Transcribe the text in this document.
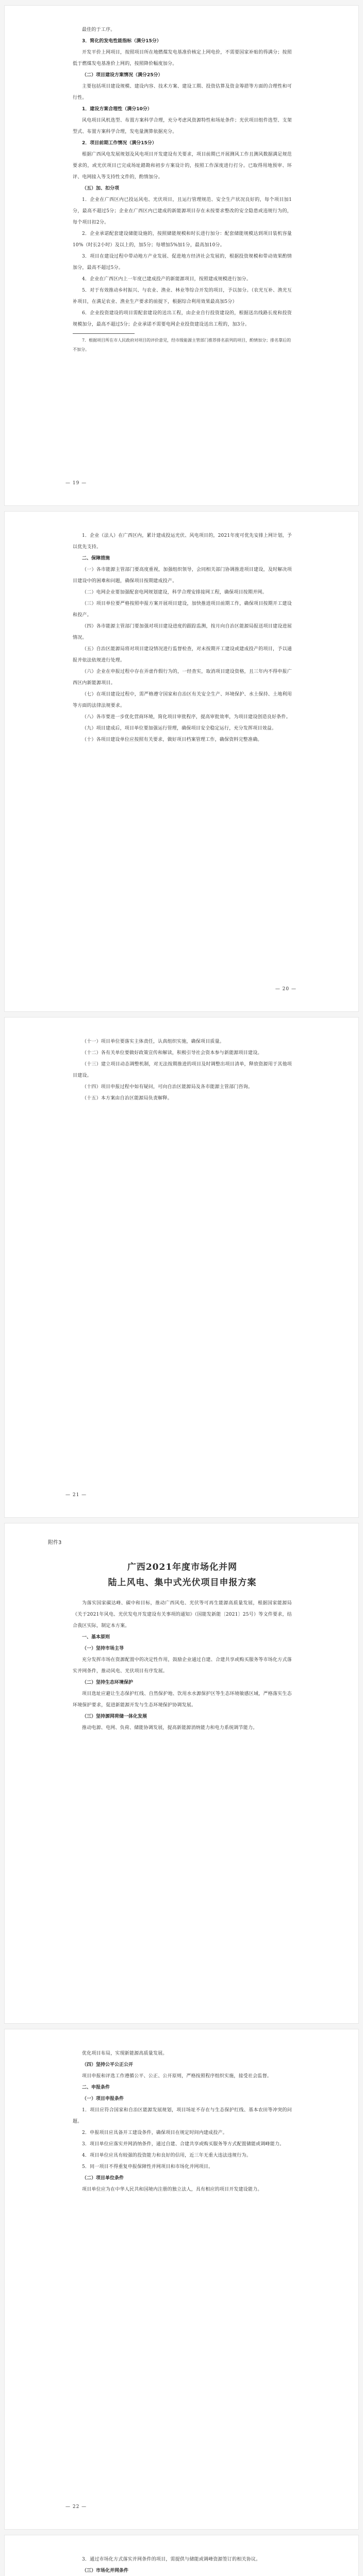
最佳的于工序。

3．简化的发电性能指标（满分15分）

开发平价上网项目，按照项目所在地燃煤发电基准价核定上网电价，不需要国家补贴的得满分；按照低于燃煤发电基准价上网的，按照降价幅度加分。

（二）项目建设方案情况（满分25分）

主要包括项目建设规模、建设内容、技术方案、建设工期、投资估算及资金筹措等方面的合理性和可行性。

1．建设方案合理性（满分10分）

风电项目风机选型、布置方案科学合理，充分考虑风资源特性和场址条件；光伏项目组件选型、支架型式、布置方案科学合理，发电量测算依据充分。

2．项目前期工作情况（满分15分）

根据广西风电发展规划及风电项目开发建设有关要求，项目前期已开展测风工作且测风数据满足规范要求的，或光伏项目已完成场址踏勘和初步方案设计的，按照工作深度进行打分。已取得用地预审、环评、电网接入等支持性文件的，酌情加分。

（五）加、扣分项

1．企业在广西区内已投运风电、光伏项目，且运行管理规范、安全生产状况良好的，每个项目加1分，最高不超过5分；企业在广西区内已建成的新能源项目存在未按要求整改的安全隐患或违规行为的，每个项目扣2分。

2．企业承诺配套建设储能设施的，按照储能规模和时长进行加分：配套储能规模达到项目装机容量10%（时长2小时）及以上的，加5分；每增加5%加1分，最高加10分。

3．项目在建设过程中带动地方产业发展、促进地方经济社会发展的，根据投资规模和带动效果酌情加分，最高不超过5分。

4．企业在广西区内上一年度已建成投产的新能源项目，按照建成规模进行加分。

5．对于有效推动乡村振兴、与农业、渔业、林业等综合开发的项目，予以加分。（农光互补、渔光互补项目，在满足农业、渔业生产要求的前提下，根据综合利用效果最高加5分）

6．企业投资建设的项目需配套建设的送出工程，由企业自行投资建设的，根据送出线路长度和投资规模加分，最高不超过5分；企业承诺不需要电网企业投资建设送出工程的，加3分。

7．根据项目所在市人民政府对项目的评价意见，经市级能源主管部门推荐排名前列的项目，酌情加分；排名靠后的不加分。

— 19 —

1．企业（法人）在广西区内，累计建成投运光伏、风电项目的，2021年度可优先安排上网计划，予以优先支持。

二、保障措施

（一）各市能源主管部门要高度重视，加强组织领导，会同相关部门协调推进项目建设，及时解决项目建设中的困难和问题，确保项目按期建成投产。

（二）电网企业要加强配套电网规划建设，科学合理安排接网工程，确保项目按期并网。

（三）项目单位要严格按照申报方案开展项目建设，加快推进项目前期工作，确保项目按期开工建设和投产。

（四）各市能源主管部门要加强对项目建设进度的跟踪监测，按月向自治区能源局报送项目建设进展情况。

（五）自治区能源局将对项目建设情况进行监督检查，对未按期开工建设或建成投产的项目，予以通报并依法依规进行处理。

（六）企业在申报过程中存在弄虚作假行为的，一经查实，取消项目建设资格，且三年内不得申报广西区内新能源项目。

（七）在项目建设过程中，需严格遵守国家和自治区有关安全生产、环境保护、水土保持、土地利用等方面的法律法规要求。

（八）各市要进一步优化营商环境，简化项目审批程序，提高审批效率，为项目建设创造良好条件。

（九）项目建成后，项目单位要加强运行管理，确保项目安全稳定运行，充分发挥项目效益。

（十）各项目建设单位应按照有关要求，做好项目档案管理工作，确保资料完整准确。

— 20 —

（十一）项目单位要落实主体责任，认真组织实施，确保项目质量。

（十二）各有关单位要做好政策宣传和解读，积极引导社会资本参与新能源项目建设。

（十三）建立项目动态调整机制，对无法按期推进的项目及时调整出项目清单，释放资源用于其他项目建设。

（十四）项目申报过程中如有疑问，可向自治区能源局及各市能源主管部门咨询。

（十五）本方案由自治区能源局负责解释。

— 21 —
附件3

广西2021年度市场化并网

陆上风电、集中式光伏项目申报方案

为落实国家碳达峰、碳中和目标，推动广西风电、光伏等可再生能源高质量发展，根据国家能源局《关于2021年风电、光伏发电开发建设有关事项的通知》（国能发新能〔2021〕25号）等文件要求，结合我区实际，制定本方案。

一、基本原则

（一）坚持市场主导

充分发挥市场在资源配置中的决定性作用，鼓励企业通过自建、合建共享或购买服务等市场化方式落实并网条件，推动风电、光伏项目有序发展。

（二）坚持生态环境保护

项目选址应避让生态保护红线、自然保护地、饮用水水源保护区等生态环境敏感区域，严格落实生态环境保护要求，促进新能源开发与生态环境保护协调发展。

（三）坚持源网荷储一体化发展

推动电源、电网、负荷、储能协调发展，提高新能源消纳能力和电力系统调节能力。

优化项目布局，实现新能源高质量发展。

（四）坚持公平公正公开

项目申报和评选工作遵循公平、公正、公开原则，严格按照程序组织实施，接受社会监督。

二、申报条件

（一）项目申报条件

1．项目应符合国家和自治区能源发展规划，项目场址不存在与生态保护红线、基本农田等冲突的问题。

2．申报项目应具备开工建设条件，确保项目在规定时间内建成投产。

3．项目单位应落实并网消纳条件，通过自建、合建共享或购买服务等方式配置储能或调峰能力。

4．项目单位应具有较强的投资能力和良好的信用，近三年无重大违法违规行为。

5．同一项目不得重复申报保障性并网项目和市场化并网项目。

（二）项目单位条件

项目单位应为在中华人民共和国境内注册的独立法人，具有相应的项目开发建设能力。

— 22 —

3．通过市场化方式落实并网条件的项目，需提供与储能或调峰资源签订的相关协议。

（三）市场化并网条件
